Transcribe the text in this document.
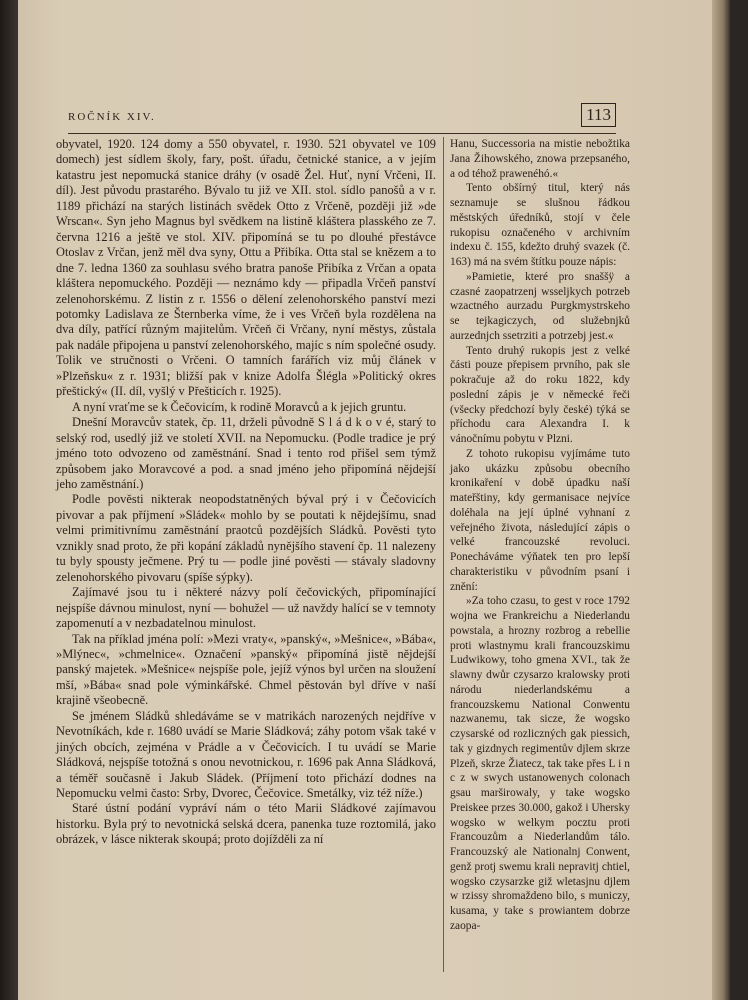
ROČNÍK XIV.	113

obyvatel, 1920. 124 domy a 550 obyvatel, r. 1930. 521 obyvatel ve 109 domech) jest sídlem školy, fary, pošt. úřadu, četnické stanice, a v jejím katastru jest nepomucká stanice dráhy (v osadě Žel. Huť, nyní Vrčeni, II. díl). Jest původu prastarého. Bývalo tu již ve XII. stol. sídlo panošů a v r. 1189 přichází na starých listinách svědek Otto z Vrčeně, později již »de Wrscan«. Syn jeho Magnus byl svědkem na listině kláštera plasského ze 7. června 1216 a ještě ve stol. XIV. připomíná se tu po dlouhé přestávce Otoslav z Vrčan, jenž měl dva syny, Ottu a Přibíka. Otta stal se knězem a to dne 7. ledna 1360 za souhlasu svého bratra panoše Přibíka z Vrčan a opata kláštera nepomuckého. Později — neznámo kdy — připadla Vrčeň panství zelenohorskému. Z listin z r. 1556 o dělení zelenohorského panství mezi potomky Ladislava ze Šternberka víme, že i ves Vrčeň byla rozdělena na dva díly, patřící různým majitelům. Vrčeň či Vrčany, nyní městys, zůstala pak nadále připojena u panství zelenohorského, majíc s ním společné osudy. Tolik ve stručnosti o Vrčeni. O tamních farářích viz můj článek v »Plzeňsku« z r. 1931; bližší pak v knize Adolfa Šlégla »Politický okres přeštický« (II. díl, vyšlý v Přešticích r. 1925).

A nyní vraťme se k Čečovicím, k rodině Moravců a k jejich gruntu.

Dnešní Moravcův statek, čp. 11, drželi původně S l á d k o v é, starý to selský rod, usedlý již ve století XVII. na Nepomucku. (Podle tradice je prý jméno toto odvozeno od zaměstnání. Snad i tento rod přišel sem týmž způsobem jako Moravcové a pod. a snad jméno jeho připomíná nějdejší jeho zaměstnání.)

Podle pověsti nikterak neopodstatněných býval prý i v Čečovicích pivovar a pak příjmení »Sládek« mohlo by se poutati k nějdejšímu, snad velmi primitivnímu zaměstnání praotců pozdějších Sládků. Pověsti tyto vznikly snad proto, že při kopání základů nynějšího stavení čp. 11 nalezeny tu byly spousty ječmene. Prý tu — podle jiné pověsti — stávaly sladovny zelenohorského pivovaru (spíše sýpky).

Zajímavé jsou tu i některé názvy polí čečovických, připomínající nejspíše dávnou minulost, nyní — bohužel — už navždy halící se v temnoty zapomenutí a v nezbadatelnou minulost.

Tak na příklad jména polí: »Mezi vraty«, »panský«, »Mešnice«, »Bába«, »Mlýnec«, »chmelnice«. Označení »panský« připomíná jistě nějdejší panský majetek. »Mešnice« nejspíše pole, jejíž výnos byl určen na sloužení mší, »Bába« snad pole výminkářské. Chmel pěstován byl dříve v naší krajině všeobecně.

Se jménem Sládků shledáváme se v matrikách narozených nejdříve v Nevotníkách, kde r. 1680 uvádí se Marie Sládková; záhy potom však také v jiných obcích, zejména v Prádle a v Čečovicích. I tu uvádí se Marie Sládková, nejspíše totožná s onou nevotnickou, r. 1696 pak Anna Sládková, a téměř současně i Jakub Sládek. (Příjmení toto přichází dodnes na Nepomucku velmi často: Srby, Dvorec, Čečovice. Smetálky, viz též níže.)

Staré ústní podání vypráví nám o této Marii Sládkové zajímavou historku. Byla prý to nevotnická selská dcera, panenka tuze roztomilá, jako obrázek, v lásce nikterak skoupá; proto dojížděli za ní

Hanu, Successoria na mistie nebožtika Jana Žihowského, znowa przepsaného, a od téhož prawenéhó.«

Tento obšírný titul, který nás seznamuje se slušnou řádkou městských úředníků, stojí v čele rukopisu označeného v archivním indexu č. 155, kdežto druhý svazek (č. 163) má na svém štítku pouze nápis:

»Pamietie, které pro snaššÿ a czasné zaopatrzenj wsseljkych potrzeb wzactného aurzadu Purgkmystrskeho se tejkagiczych, od služebnjků aurzednjch ssetrziti a potrzebj jest.«

Tento druhý rukopis jest z velké části pouze přepisem prvního, pak sle pokračuje až do roku 1822, kdy poslední zápis je v německé řeči (všecky předchozí byly české) týká se příchodu cara Alexandra I. k vánočnímu pobytu v Plzni.

Z tohoto rukopisu vyjímáme tuto jako ukázku způsobu obecního kronikaření v době úpadku naší mateřštiny, kdy germanisace nejvíce doléhala na její úplné vyhnaní z veřejného života, následující zápis o velké francouzské revoluci. Ponecháváme výňatek ten pro lepší charakteristiku v původním psaní i znění:

»Za toho czasu, to gest v roce 1792 wojna we Frankreichu a Niederlandu powstala, a hrozny rozbrog a rebellie proti wlastnymu krali francouzskimu Ludwikowy, toho gmena XVI., tak že slawny dwůr czysarzo kralowsky proti národu niederlandskému a francouzskemu National Conwentu nazwanemu, tak sicze, že wogsko czysarské od rozliczných gak piessich, tak y gizdnych regimentův djlem skrze Plzeň, skrze Žiatecz, tak take přes L i n c z w swych ustanowenych colonach gsau marširowaly, y take wogsko Preiskee przes 30.000, gakož i Uhersky wogsko w welkym pocztu proti Francouzům a Niederlandům tálo. Francouzský ale Nationalnj Conwent, genž protj swemu krali nepravitj chtiel, wogsko czysarzke giž wletasjnu djlem w rzissy shromaždeno bilo, s municzy, kusama, y take s prowiantem dobrze zaopa-
